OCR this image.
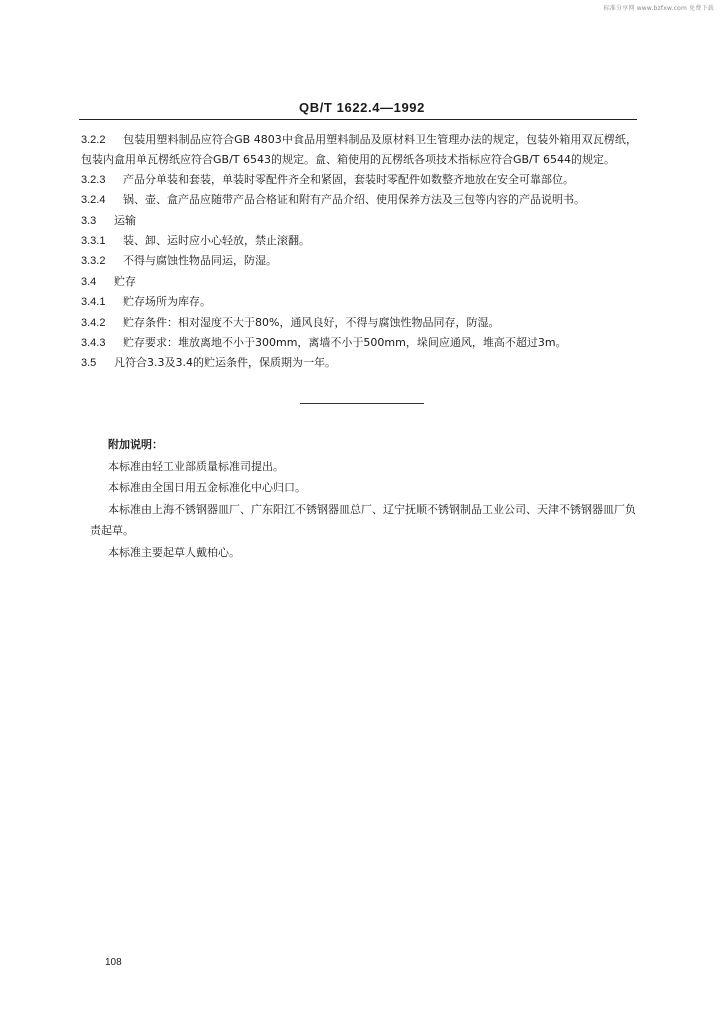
标准分享网 www.bzfxw.com 免费下载
QB/T 1622.4—1992

3.2.2 包装用塑料制品应符合GB 4803中食品用塑料制品及原材料卫生管理办法的规定，包装外箱用双瓦楞纸，包装内盒用单瓦楞纸应符合GB/T 6543的规定。盒、箱使用的瓦楞纸各项技术指标应符合GB/T 6544的规定。

3.2.3 产品分单装和套装，单装时零配件齐全和紧固，套装时零配件如数整齐地放在安全可靠部位。

3.2.4 锅、壶、盒产品应随带产品合格证和附有产品介绍、使用保养方法及三包等内容的产品说明书。

3.3 运输

3.3.1 装、卸、运时应小心轻放，禁止滚翻。

3.3.2 不得与腐蚀性物品同运，防湿。

3.4 贮存

3.4.1 贮存场所为库存。

3.4.2 贮存条件：相对湿度不大于80%，通风良好，不得与腐蚀性物品同存，防湿。

3.4.3 贮存要求：堆放离地不小于300mm，离墙不小于500mm，垛间应通风，堆高不超过3m。

3.5 凡符合3.3及3.4的贮运条件，保质期为一年。

附加说明：

本标准由轻工业部质量标准司提出。

本标准由全国日用五金标准化中心归口。

本标准由上海不锈钢器皿厂、广东阳江不锈钢器皿总厂、辽宁抚顺不锈钢制品工业公司、天津不锈钢器皿厂负责起草。

本标准主要起草人戴柏心。

108
